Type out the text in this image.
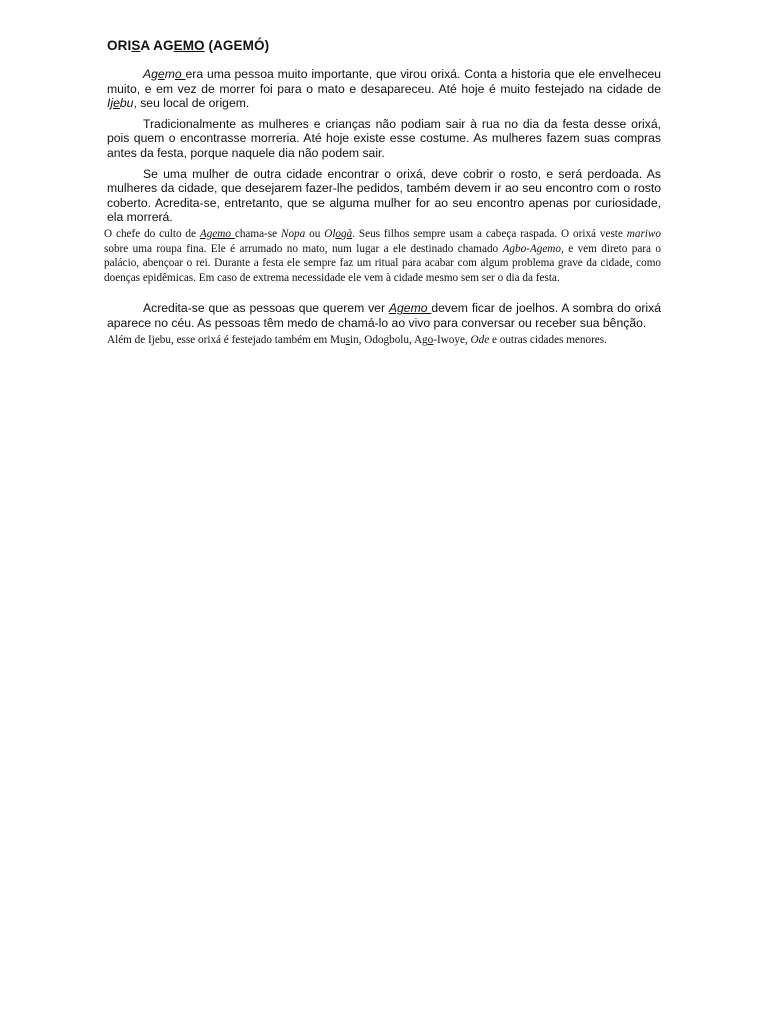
ORISA AGEMO (AGEMÓ)

Agemo era uma pessoa muito importante, que virou orixá. Conta a historia que ele envelheceu muito, e em vez de morrer foi para o mato e desapareceu. Até hoje é muito festejado na cidade de Ijebu, seu local de origem.

Tradicionalmente as mulheres e crianças não podiam sair à rua no dia da festa desse orixá, pois quem o encontrasse morreria. Até hoje existe esse costume. As mulheres fazem suas compras antes da festa, porque naquele dia não podem sair.

Se uma mulher de outra cidade encontrar o orixá, deve cobrir o rosto, e será perdoada. As mulheres da cidade, que desejarem fazer-lhe pedidos, também devem ir ao seu encontro com o rosto coberto. Acredita-se, entretanto, que se alguma mulher for ao seu encontro apenas por curiosidade, ela morrerá.

O chefe do culto de Agemo chama-se Nopa ou Ologà. Seus filhos sempre usam a cabeça raspada. O orixá veste mariwo sobre uma roupa fina. Ele é arrumado no mato, num lugar a ele destinado chamado Agbo-Agemo, e vem direto para o palácio, abençoar o rei. Durante a festa ele sempre faz um ritual para acabar com algum problema grave da cidade, como doenças epidêmicas. Em caso de extrema necessidade ele vem à cidade mesmo sem ser o dia da festa.

Acredita-se que as pessoas que querem ver Agemo devem ficar de joelhos. A sombra do orixá aparece no céu. As pessoas têm medo de chamá-lo ao vivo para conversar ou receber sua bênção.

Além de Ijebu, esse orixá é festejado também em Musin, Odogbolu, Ago-Iwoye, Ode e outras cidades menores.
